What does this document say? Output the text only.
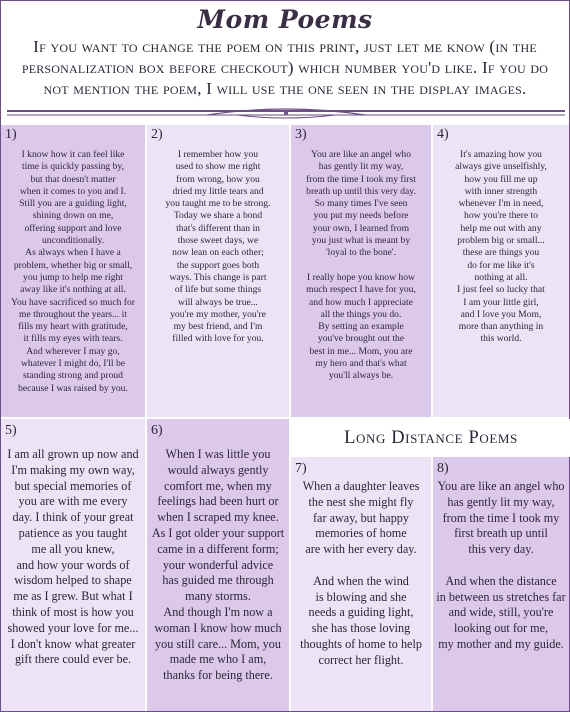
Mom Poems
If you want to change the poem on this print, just let me know (in the personalization box before checkout) which number you'd like. If you do not mention the poem, I will use the one seen in the display images.
1)
I know how it can feel like
time is quickly passing by,
but that doesn't matter
when it comes to you and I.
Still you are a guiding light,
shining down on me,
offering support and love
unconditionally.
As always when I have a
problem, whether big or small,
you jump to help me right
away like it's nothing at all.
You have sacrificed so much for
me throughout the years... it
fills my heart with gratitude,
it fills my eyes with tears.
And wherever I may go,
whatever I might do, I'll be
standing strong and proud
because I was raised by you.
2)
I remember how you
used to show me right
from wrong, how you
dried my little tears and
you taught me to be strong.
Today we share a bond
that's different than in
those sweet days, we
now lean on each other;
the support goes both
ways. This change is part
of life but some things
will always be true...
you're my mother, you're
my best friend, and I'm
filled with love for you.
3)
You are like an angel who
has gently lit my way,
from the time I took my first
breath up until this very day.
So many times I've seen
you put my needs before
your own, I learned from
you just what is meant by
'loyal to the bone'.

I really hope you know how
much respect I have for you,
and how much I appreciate
all the things you do.
By setting an example
you've brought out the
best in me... Mom, you are
my hero and that's what
you'll always be.
4)
It's amazing how you
always give unselfishly,
how you fill me up
with inner strength
whenever I'm in need,
how you're there to
help me out with any
problem big or small...
these are things you
do for me like it's
nothing at all.
I just feel so lucky that
I am your little girl,
and I love you Mom,
more than anything in
this world.
5)
I am all grown up now and
I'm making my own way,
but special memories of
you are with me every
day. I think of your great
patience as you taught
me all you knew,
and how your words of
wisdom helped to shape
me as I grew. But what I
think of most is how you
showed your love for me...
I don't know what greater
gift there could ever be.
6)
When I was little you
would always gently
comfort me, when my
feelings had been hurt or
when I scraped my knee.
As I got older your support
came in a different form;
your wonderful advice
has guided me through
many storms.
And though I'm now a
woman I know how much
you still care... Mom, you
made me who I am,
thanks for being there.
Long Distance Poems
7)
When a daughter leaves
the nest she might fly
far away, but happy
memories of home
are with her every day.

And when the wind
is blowing and she
needs a guiding light,
she has those loving
thoughts of home to help
correct her flight.
8)
You are like an angel who
has gently lit my way,
from the time I took my
first breath up until
this very day.

And when the distance
in between us stretches far
and wide, still, you're
looking out for me,
my mother and my guide.
